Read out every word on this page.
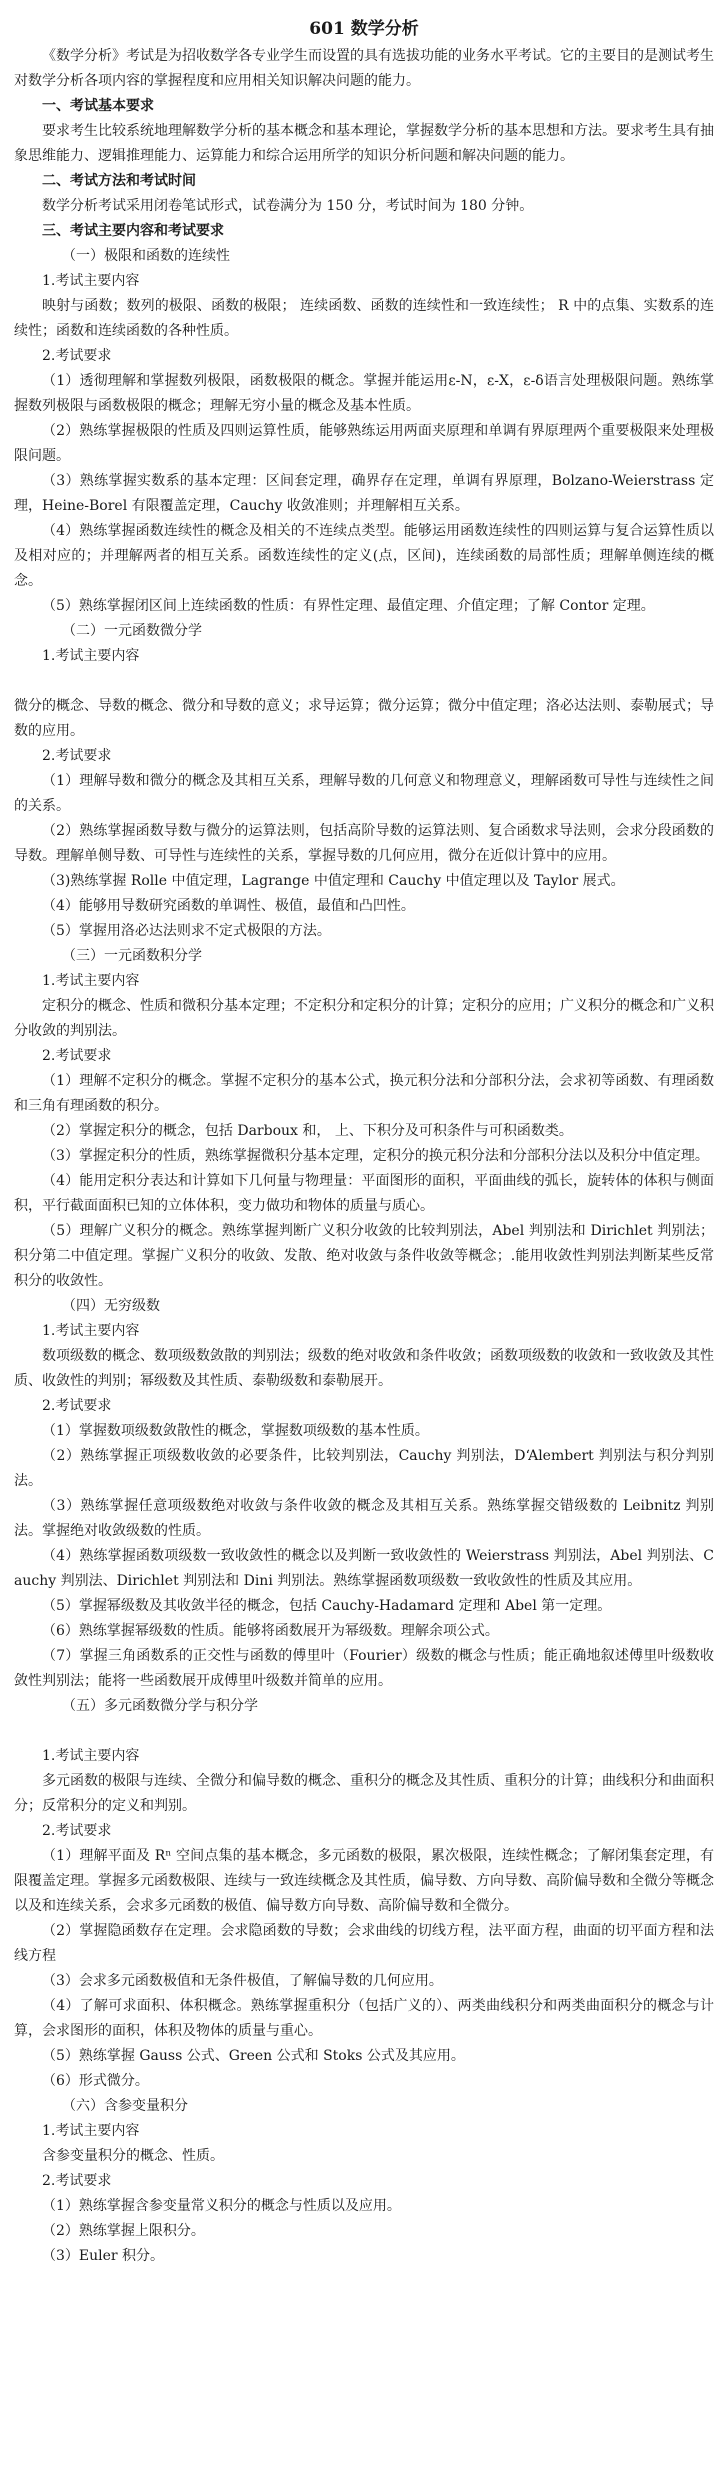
601 数学分析
《数学分析》考试是为招收数学各专业学生而设置的具有选拔功能的业务水平考试。它的主要目的是测试考生对数学分析各项内容的掌握程度和应用相关知识解决问题的能力。
一、考试基本要求
要求考生比较系统地理解数学分析的基本概念和基本理论，掌握数学分析的基本思想和方法。要求考生具有抽象思维能力、逻辑推理能力、运算能力和综合运用所学的知识分析问题和解决问题的能力。
二、考试方法和考试时间
数学分析考试采用闭卷笔试形式，试卷满分为 150 分，考试时间为 180 分钟。
三、考试主要内容和考试要求
（一）极限和函数的连续性
1.考试主要内容
映射与函数；数列的极限、函数的极限； 连续函数、函数的连续性和一致连续性； R 中的点集、实数系的连续性；函数和连续函数的各种性质。
2.考试要求
（1）透彻理解和掌握数列极限，函数极限的概念。掌握并能运用ε-N，ε-X，ε-δ语言处理极限问题。熟练掌握数列极限与函数极限的概念；理解无穷小量的概念及基本性质。
（2）熟练掌握极限的性质及四则运算性质，能够熟练运用两面夹原理和单调有界原理两个重要极限来处理极限问题。
（3）熟练掌握实数系的基本定理：区间套定理，确界存在定理，单调有界原理，Bolzano-Weierstrass 定理，Heine-Borel 有限覆盖定理，Cauchy 收敛准则；并理解相互关系。
（4）熟练掌握函数连续性的概念及相关的不连续点类型。能够运用函数连续性的四则运算与复合运算性质以及相对应的；并理解两者的相互关系。函数连续性的定义(点，区间)，连续函数的局部性质；理解单侧连续的概念。
（5）熟练掌握闭区间上连续函数的性质：有界性定理、最值定理、介值定理；了解 Contor 定理。
（二）一元函数微分学
1.考试主要内容
微分的概念、导数的概念、微分和导数的意义；求导运算；微分运算；微分中值定理；洛必达法则、泰勒展式；导数的应用。
2.考试要求
（1）理解导数和微分的概念及其相互关系，理解导数的几何意义和物理意义，理解函数可导性与连续性之间的关系。
（2）熟练掌握函数导数与微分的运算法则，包括高阶导数的运算法则、复合函数求导法则，会求分段函数的导数。理解单侧导数、可导性与连续性的关系，掌握导数的几何应用，微分在近似计算中的应用。
（3)熟练掌握 Rolle 中值定理，Lagrange 中值定理和 Cauchy 中值定理以及 Taylor 展式。
（4）能够用导数研究函数的单调性、极值，最值和凸凹性。
（5）掌握用洛必达法则求不定式极限的方法。
（三）一元函数积分学
1.考试主要内容
定积分的概念、性质和微积分基本定理；不定积分和定积分的计算；定积分的应用；广义积分的概念和广义积分收敛的判别法。
2.考试要求
（1）理解不定积分的概念。掌握不定积分的基本公式，换元积分法和分部积分法，会求初等函数、有理函数和三角有理函数的积分。
（2）掌握定积分的概念，包括 Darboux 和， 上、下积分及可积条件与可积函数类。
（3）掌握定积分的性质，熟练掌握微积分基本定理，定积分的换元积分法和分部积分法以及积分中值定理。
（4）能用定积分表达和计算如下几何量与物理量：平面图形的面积，平面曲线的弧长，旋转体的体积与侧面积，平行截面面积已知的立体体积，变力做功和物体的质量与质心。
（5）理解广义积分的概念。熟练掌握判断广义积分收敛的比较判别法，Abel 判别法和 Dirichlet 判别法；积分第二中值定理。掌握广义积分的收敛、发散、绝对收敛与条件收敛等概念；.能用收敛性判别法判断某些反常积分的收敛性。
（四）无穷级数
1.考试主要内容
数项级数的概念、数项级数敛散的判别法；级数的绝对收敛和条件收敛；函数项级数的收敛和一致收敛及其性质、收敛性的判别；幂级数及其性质、泰勒级数和泰勒展开。
2.考试要求
（1）掌握数项级数敛散性的概念，掌握数项级数的基本性质。
（2）熟练掌握正项级数收敛的必要条件，比较判别法，Cauchy 判别法，D‘Alembert 判别法与积分判别法。
（3）熟练掌握任意项级数绝对收敛与条件收敛的概念及其相互关系。熟练掌握交错级数的 Leibnitz 判别法。掌握绝对收敛级数的性质。
（4）熟练掌握函数项级数一致收敛性的概念以及判断一致收敛性的 Weierstrass 判别法，Abel 判别法、Cauchy 判别法、Dirichlet 判别法和 Dini 判别法。熟练掌握函数项级数一致收敛性的性质及其应用。
（5）掌握幂级数及其收敛半径的概念，包括 Cauchy-Hadamard 定理和 Abel 第一定理。
（6）熟练掌握幂级数的性质。能够将函数展开为幂级数。理解余项公式。
（7）掌握三角函数系的正交性与函数的傅里叶（Fourier）级数的概念与性质；能正确地叙述傅里叶级数收敛性判别法；能将一些函数展开成傅里叶级数并简单的应用。
（五）多元函数微分学与积分学
1.考试主要内容
多元函数的极限与连续、全微分和偏导数的概念、重积分的概念及其性质、重积分的计算；曲线积分和曲面积分；反常积分的定义和判别。
2.考试要求
（1）理解平面及 Rⁿ 空间点集的基本概念，多元函数的极限，累次极限，连续性概念；了解闭集套定理，有限覆盖定理。掌握多元函数极限、连续与一致连续概念及其性质，偏导数、方向导数、高阶偏导数和全微分等概念以及和连续关系，会求多元函数的极值、偏导数方向导数、高阶偏导数和全微分。
（2）掌握隐函数存在定理。会求隐函数的导数；会求曲线的切线方程，法平面方程，曲面的切平面方程和法线方程
（3）会求多元函数极值和无条件极值，了解偏导数的几何应用。
（4）了解可求面积、体积概念。熟练掌握重积分（包括广义的）、两类曲线积分和两类曲面积分的概念与计算，会求图形的面积，体积及物体的质量与重心。
（5）熟练掌握 Gauss 公式、Green 公式和 Stoks 公式及其应用。
（6）形式微分。
（六）含参变量积分
1.考试主要内容
含参变量积分的概念、性质。
2.考试要求
（1）熟练掌握含参变量常义积分的概念与性质以及应用。
（2）熟练掌握上限积分。
（3）Euler 积分。
